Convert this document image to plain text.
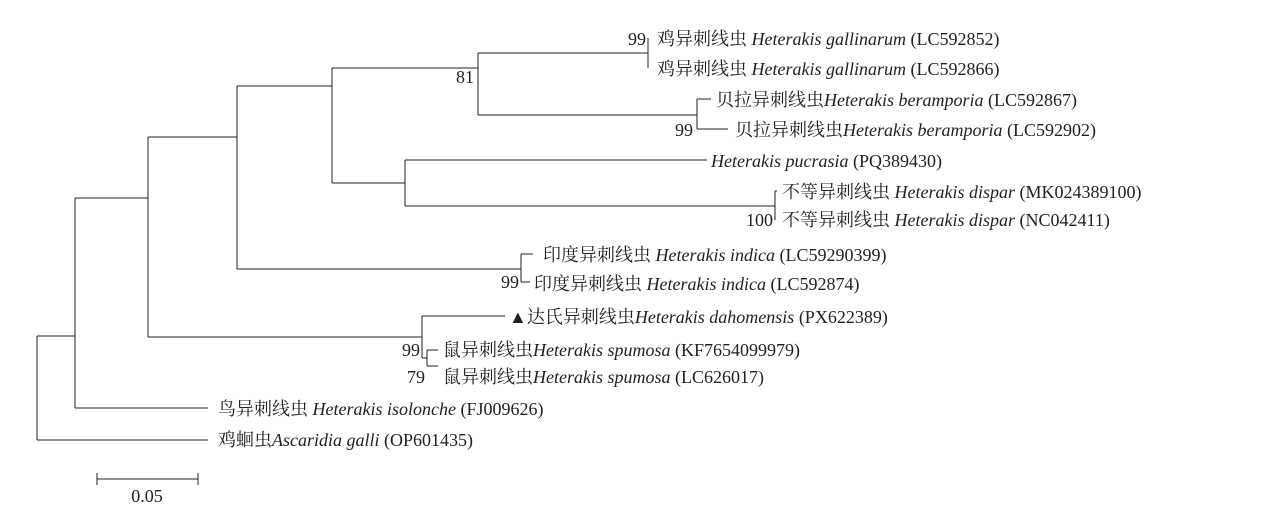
99
81
99
100
99
99
79
鸡异刺线虫 Heterakis gallinarum (LC592852)
鸡异刺线虫 Heterakis gallinarum (LC592866)
贝拉异刺线虫Heterakis beramporia (LC592867)
贝拉异刺线虫Heterakis beramporia (LC592902)
Heterakis pucrasia (PQ389430)
不等异刺线虫 Heterakis dispar (MK024389100)
不等异刺线虫 Heterakis dispar (NC042411)
印度异刺线虫 Heterakis indica (LC59290399)
印度异刺线虫 Heterakis indica (LC592874)
▲达氏异刺线虫Heterakis dahomensis (PX622389)
鼠异刺线虫Heterakis spumosa (KF7654099979)
鼠异刺线虫Heterakis spumosa (LC626017)
鸟异刺线虫 Heterakis isolonche (FJ009626)
鸡蛔虫Ascaridia galli (OP601435)
0.05
